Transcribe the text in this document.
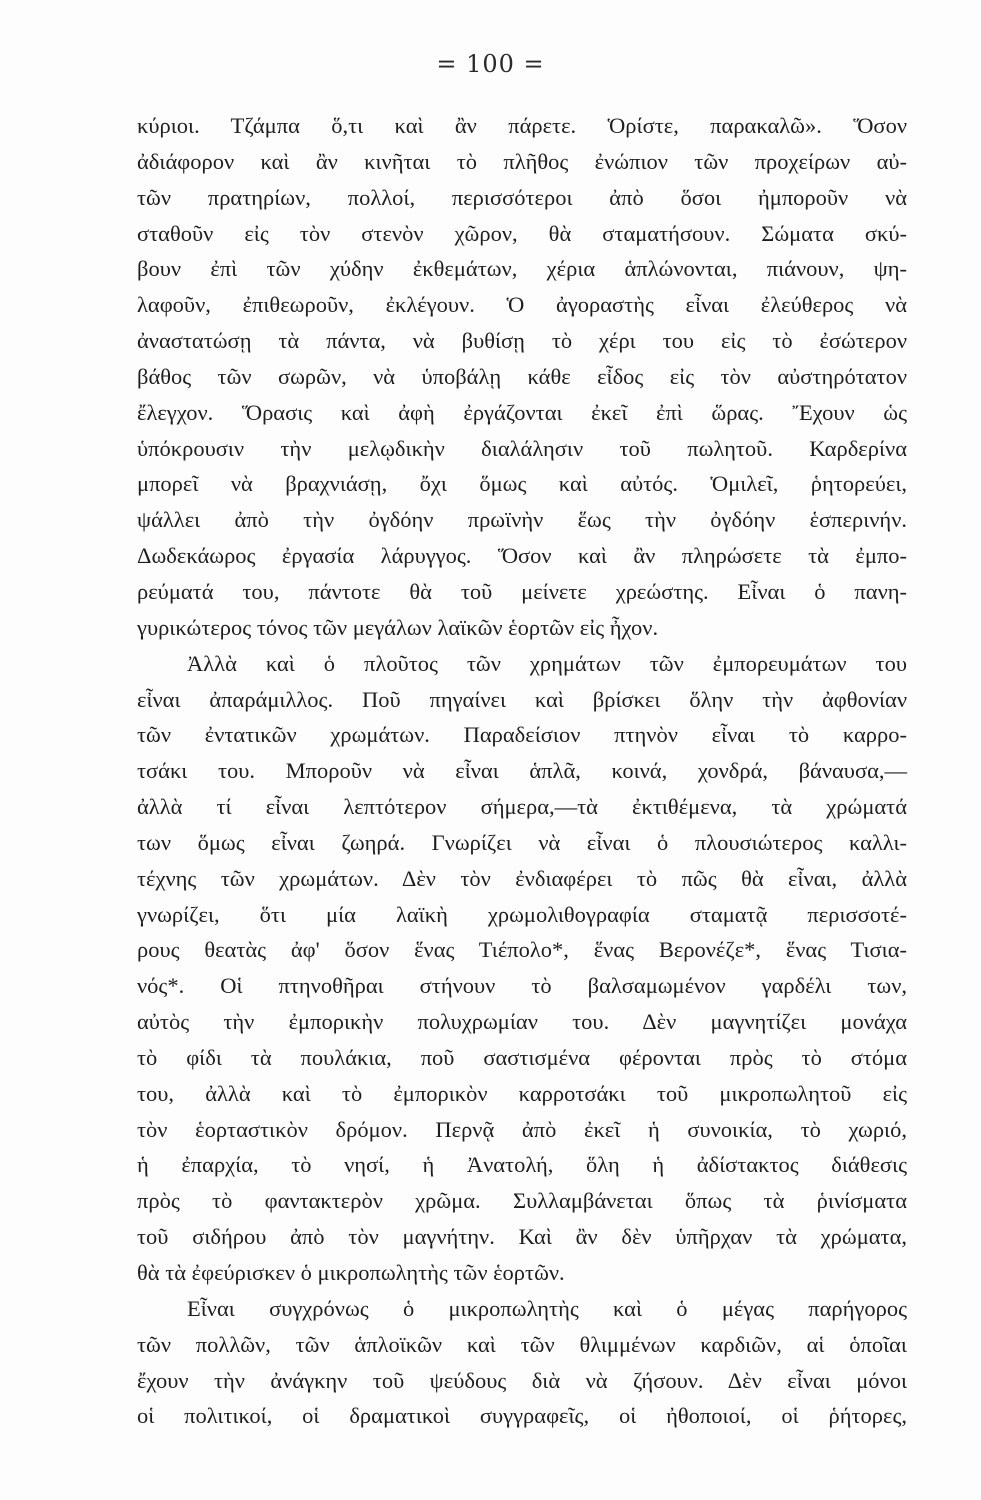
= 100 =
κύριοι. Τζάμπα ὅ,τι καὶ ἂν πάρετε. Ὁρίστε, παρακαλῶ». Ὅσον
ἀδιάφορον καὶ ἂν κινῆται τὸ πλῆθος ἐνώπιον τῶν προχείρων αὐ-
τῶν πρατηρίων, πολλοί, περισσότεροι ἀπὸ ὅσοι ἠμποροῦν νὰ
σταθοῦν εἰς τὸν στενὸν χῶρον, θὰ σταματήσουν. Σώματα σκύ-
βουν ἐπὶ τῶν χύδην ἐκθεμάτων, χέρια ἁπλώνονται, πιάνουν, ψη-
λαφοῦν, ἐπιθεωροῦν, ἐκλέγουν. Ὁ ἀγοραστὴς εἶναι ἐλεύθερος νὰ
ἀναστατώσῃ τὰ πάντα, νὰ βυθίσῃ τὸ χέρι του εἰς τὸ ἐσώτερον
βάθος τῶν σωρῶν, νὰ ὑποβάλῃ κάθε εἶδος εἰς τὸν αὐστηρότατον
ἔλεγχον. Ὅρασις καὶ ἀφὴ ἐργάζονται ἐκεῖ ἐπὶ ὥρας. Ἔχουν ὡς
ὑπόκρουσιν τὴν μελῳδικὴν διαλάλησιν τοῦ πωλητοῦ. Καρδερίνα
μπορεῖ νὰ βραχνιάσῃ, ὄχι ὅμως καὶ αὐτός. Ὁμιλεῖ, ῥητορεύει,
ψάλλει ἀπὸ τὴν ὀγδόην πρωϊνὴν ἕως τὴν ὀγδόην ἑσπερινήν.
Δωδεκάωρος ἐργασία λάρυγγος. Ὅσον καὶ ἂν πληρώσετε τὰ ἐμπο-
ρεύματά του, πάντοτε θὰ τοῦ μείνετε χρεώστης. Εἶναι ὁ πανη-
γυρικώτερος τόνος τῶν μεγάλων λαϊκῶν ἑορτῶν εἰς ἦχον.
Ἀλλὰ καὶ ὁ πλοῦτος τῶν χρημάτων τῶν ἐμπορευμάτων του
εἶναι ἀπαράμιλλος. Ποῦ πηγαίνει καὶ βρίσκει ὅλην τὴν ἀφθονίαν
τῶν ἐντατικῶν χρωμάτων. Παραδείσιον πτηνὸν εἶναι τὸ καρρο-
τσάκι του. Μποροῦν νὰ εἶναι ἁπλᾶ, κοινά, χονδρά, βάναυσα,—
ἀλλὰ τί εἶναι λεπτότερον σήμερα,—τὰ ἐκτιθέμενα, τὰ χρώματά
των ὅμως εἶναι ζωηρά. Γνωρίζει νὰ εἶναι ὁ πλουσιώτερος καλλι-
τέχνης τῶν χρωμάτων. Δὲν τὸν ἐνδιαφέρει τὸ πῶς θὰ εἶναι, ἀλλὰ
γνωρίζει, ὅτι μία λαϊκὴ χρωμολιθογραφία σταματᾷ περισσοτέ-
ρους θεατὰς ἀφ' ὅσον ἕνας Τιέπολο*, ἕνας Βερονέζε*, ἕνας Τισια-
νός*. Οἱ πτηνοθῆραι στήνουν τὸ βαλσαμωμένον γαρδέλι των,
αὐτὸς τὴν ἐμπορικὴν πολυχρωμίαν του. Δὲν μαγνητίζει μονάχα
τὸ φίδι τὰ πουλάκια, ποῦ σαστισμένα φέρονται πρὸς τὸ στόμα
του, ἀλλὰ καὶ τὸ ἐμπορικὸν καρροτσάκι τοῦ μικροπωλητοῦ εἰς
τὸν ἑορταστικὸν δρόμον. Περνᾷ ἀπὸ ἐκεῖ ἡ συνοικία, τὸ χωριό,
ἡ ἐπαρχία, τὸ νησί, ἡ Ἀνατολή, ὅλη ἡ ἀδίστακτος διάθεσις
πρὸς τὸ φαντακτερὸν χρῶμα. Συλλαμβάνεται ὅπως τὰ ῥινίσματα
τοῦ σιδήρου ἀπὸ τὸν μαγνήτην. Καὶ ἂν δὲν ὑπῆρχαν τὰ χρώματα,
θὰ τὰ ἐφεύρισκεν ὁ μικροπωλητὴς τῶν ἑορτῶν.
Εἶναι συγχρόνως ὁ μικροπωλητὴς καὶ ὁ μέγας παρήγορος
τῶν πολλῶν, τῶν ἁπλοϊκῶν καὶ τῶν θλιμμένων καρδιῶν, αἱ ὁποῖαι
ἔχουν τὴν ἀνάγκην τοῦ ψεύδους διὰ νὰ ζήσουν. Δὲν εἶναι μόνοι
οἱ πολιτικοί, οἱ δραματικοὶ συγγραφεῖς, οἱ ἠθοποιοί, οἱ ῥήτορες,
